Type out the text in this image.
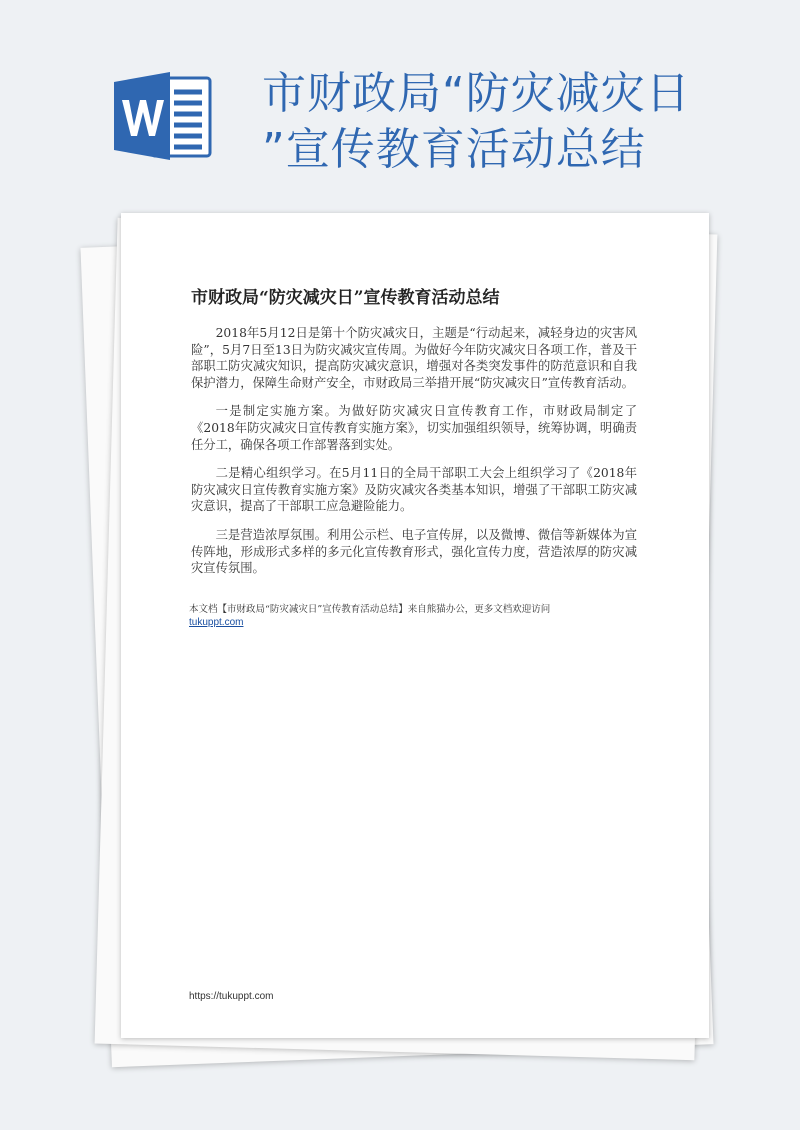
市财政局“防灾减灾日
”宣传教育活动总结
市财政局“防灾减灾日”宣传教育活动总结

2018年5月12日是第十个防灾减灾日，主题是“行动起来，减轻身边的灾害风险”，5月7日至13日为防灾减灾宣传周。为做好今年防灾减灾日各项工作，普及干部职工防灾减灾知识，提高防灾减灾意识，增强对各类突发事件的防范意识和自我保护潜力，保障生命财产安全，市财政局三举措开展“防灾减灾日”宣传教育活动。

一是制定实施方案。为做好防灾减灾日宣传教育工作，市财政局制定了《2018年防灾减灾日宣传教育实施方案》，切实加强组织领导，统筹协调，明确责任分工，确保各项工作部署落到实处。

二是精心组织学习。在5月11日的全局干部职工大会上组织学习了《2018年防灾减灾日宣传教育实施方案》及防灾减灾各类基本知识，增强了干部职工防灾减灾意识，提高了干部职工应急避险能力。

三是营造浓厚氛围。利用公示栏、电子宣传屏，以及微博、微信等新媒体为宣传阵地，形成形式多样的多元化宣传教育形式，强化宣传力度，营造浓厚的防灾减灾宣传氛围。

本文档【市财政局“防灾减灾日”宣传教育活动总结】来自熊猫办公，更多文档欢迎访问
tukuppt.com
https://tukuppt.com
